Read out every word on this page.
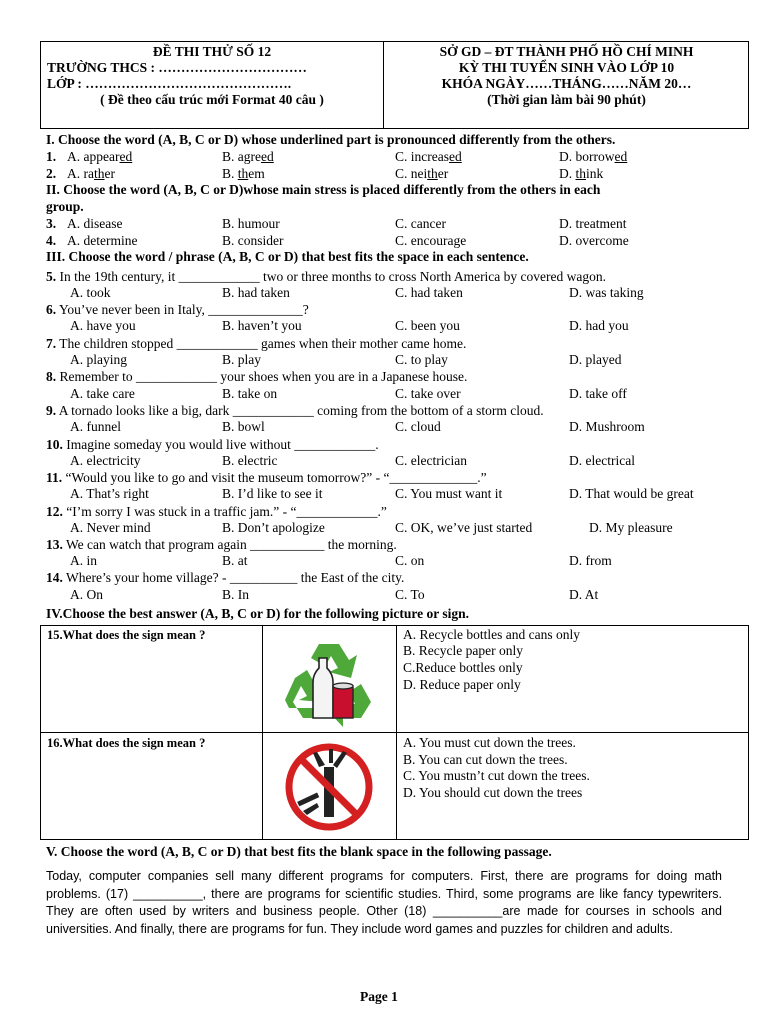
ĐỀ THI THỬ SỐ 12
TRƯỜNG THCS : ……………………………
LỚP : ……………………………………….
( Đề theo cấu trúc mới Format 40 câu )
SỞ GD – ĐT THÀNH PHỐ HỒ CHÍ MINH
KỲ THI TUYỂN SINH VÀO LỚP 10
KHÓA NGÀY……THÁNG……NĂM 20…
(Thời gian làm bài 90 phút)
I. Choose the word (A, B, C or D) whose underlined part is pronounced differently from the others.
1. A. appeared	B. agreed	C. increased	D. borrowed
2. A. rather	B. them	C. neither	D. think
II. Choose the word (A, B, C or D)whose main stress is placed differently from the others in each
group.
3. A. disease	B. humour	C. cancer	D. treatment
4. A. determine	B. consider	C. encourage	D. overcome
III. Choose the word / phrase (A, B, C or D) that best fits the space in each sentence.
5. In the 19th century, it ____________ two or three months to cross North America by covered wagon.
A. took	B. had taken	C. had taken	D. was taking
6. You’ve never been in Italy, ______________?
A. have you	B. haven’t you	C. been you	D. had you
7. The children stopped ____________ games when their mother came home.
A. playing	B. play	C. to play	D. played
8. Remember to ____________ your shoes when you are in a Japanese house.
A. take care	B. take on	C. take over	D. take off
9. A tornado looks like a big, dark ____________ coming from the bottom of a storm cloud.
A. funnel	B. bowl	C. cloud	D. Mushroom
10. Imagine someday you would live without ____________.
A. electricity	B. electric	C. electrician	D. electrical
11. “Would you like to go and visit the museum tomorrow?” - “_____________.”
A. That’s right	B. I’d like to see it	C. You must want it	D. That would be great
12. “I’m sorry I was stuck in a traffic jam.” - “____________.”
A. Never mind	B. Don’t apologize	C. OK, we’ve just started	D. My pleasure
13. We can watch that program again ___________ the morning.
A. in	B. at	C. on	D. from
14. Where’s your home village? - __________ the East of the city.
A. On	B. In	C. To	D. At
IV.Choose the best answer (A, B, C or D) for the following picture or sign.
15.What does the sign mean ?	A. Recycle bottles and cans only
B. Recycle paper only
C.Reduce bottles only
D. Reduce paper only
16.What does the sign mean ?	A. You must cut down the trees.
B. You can cut down the trees.
C. You mustn’t cut down the trees.
D. You should cut down the trees
V. Choose the word (A, B, C or D) that best fits the blank space in the following passage.
Today, computer companies sell many different programs for computers. First, there are programs for doing math problems. (17) __________, there are programs for scientific studies. Third, some programs are like fancy typewriters. They are often used by writers and business people. Other (18) __________are made for courses in schools and universities. And finally, there are programs for fun. They include word games and puzzles for children and adults.
Page 1
